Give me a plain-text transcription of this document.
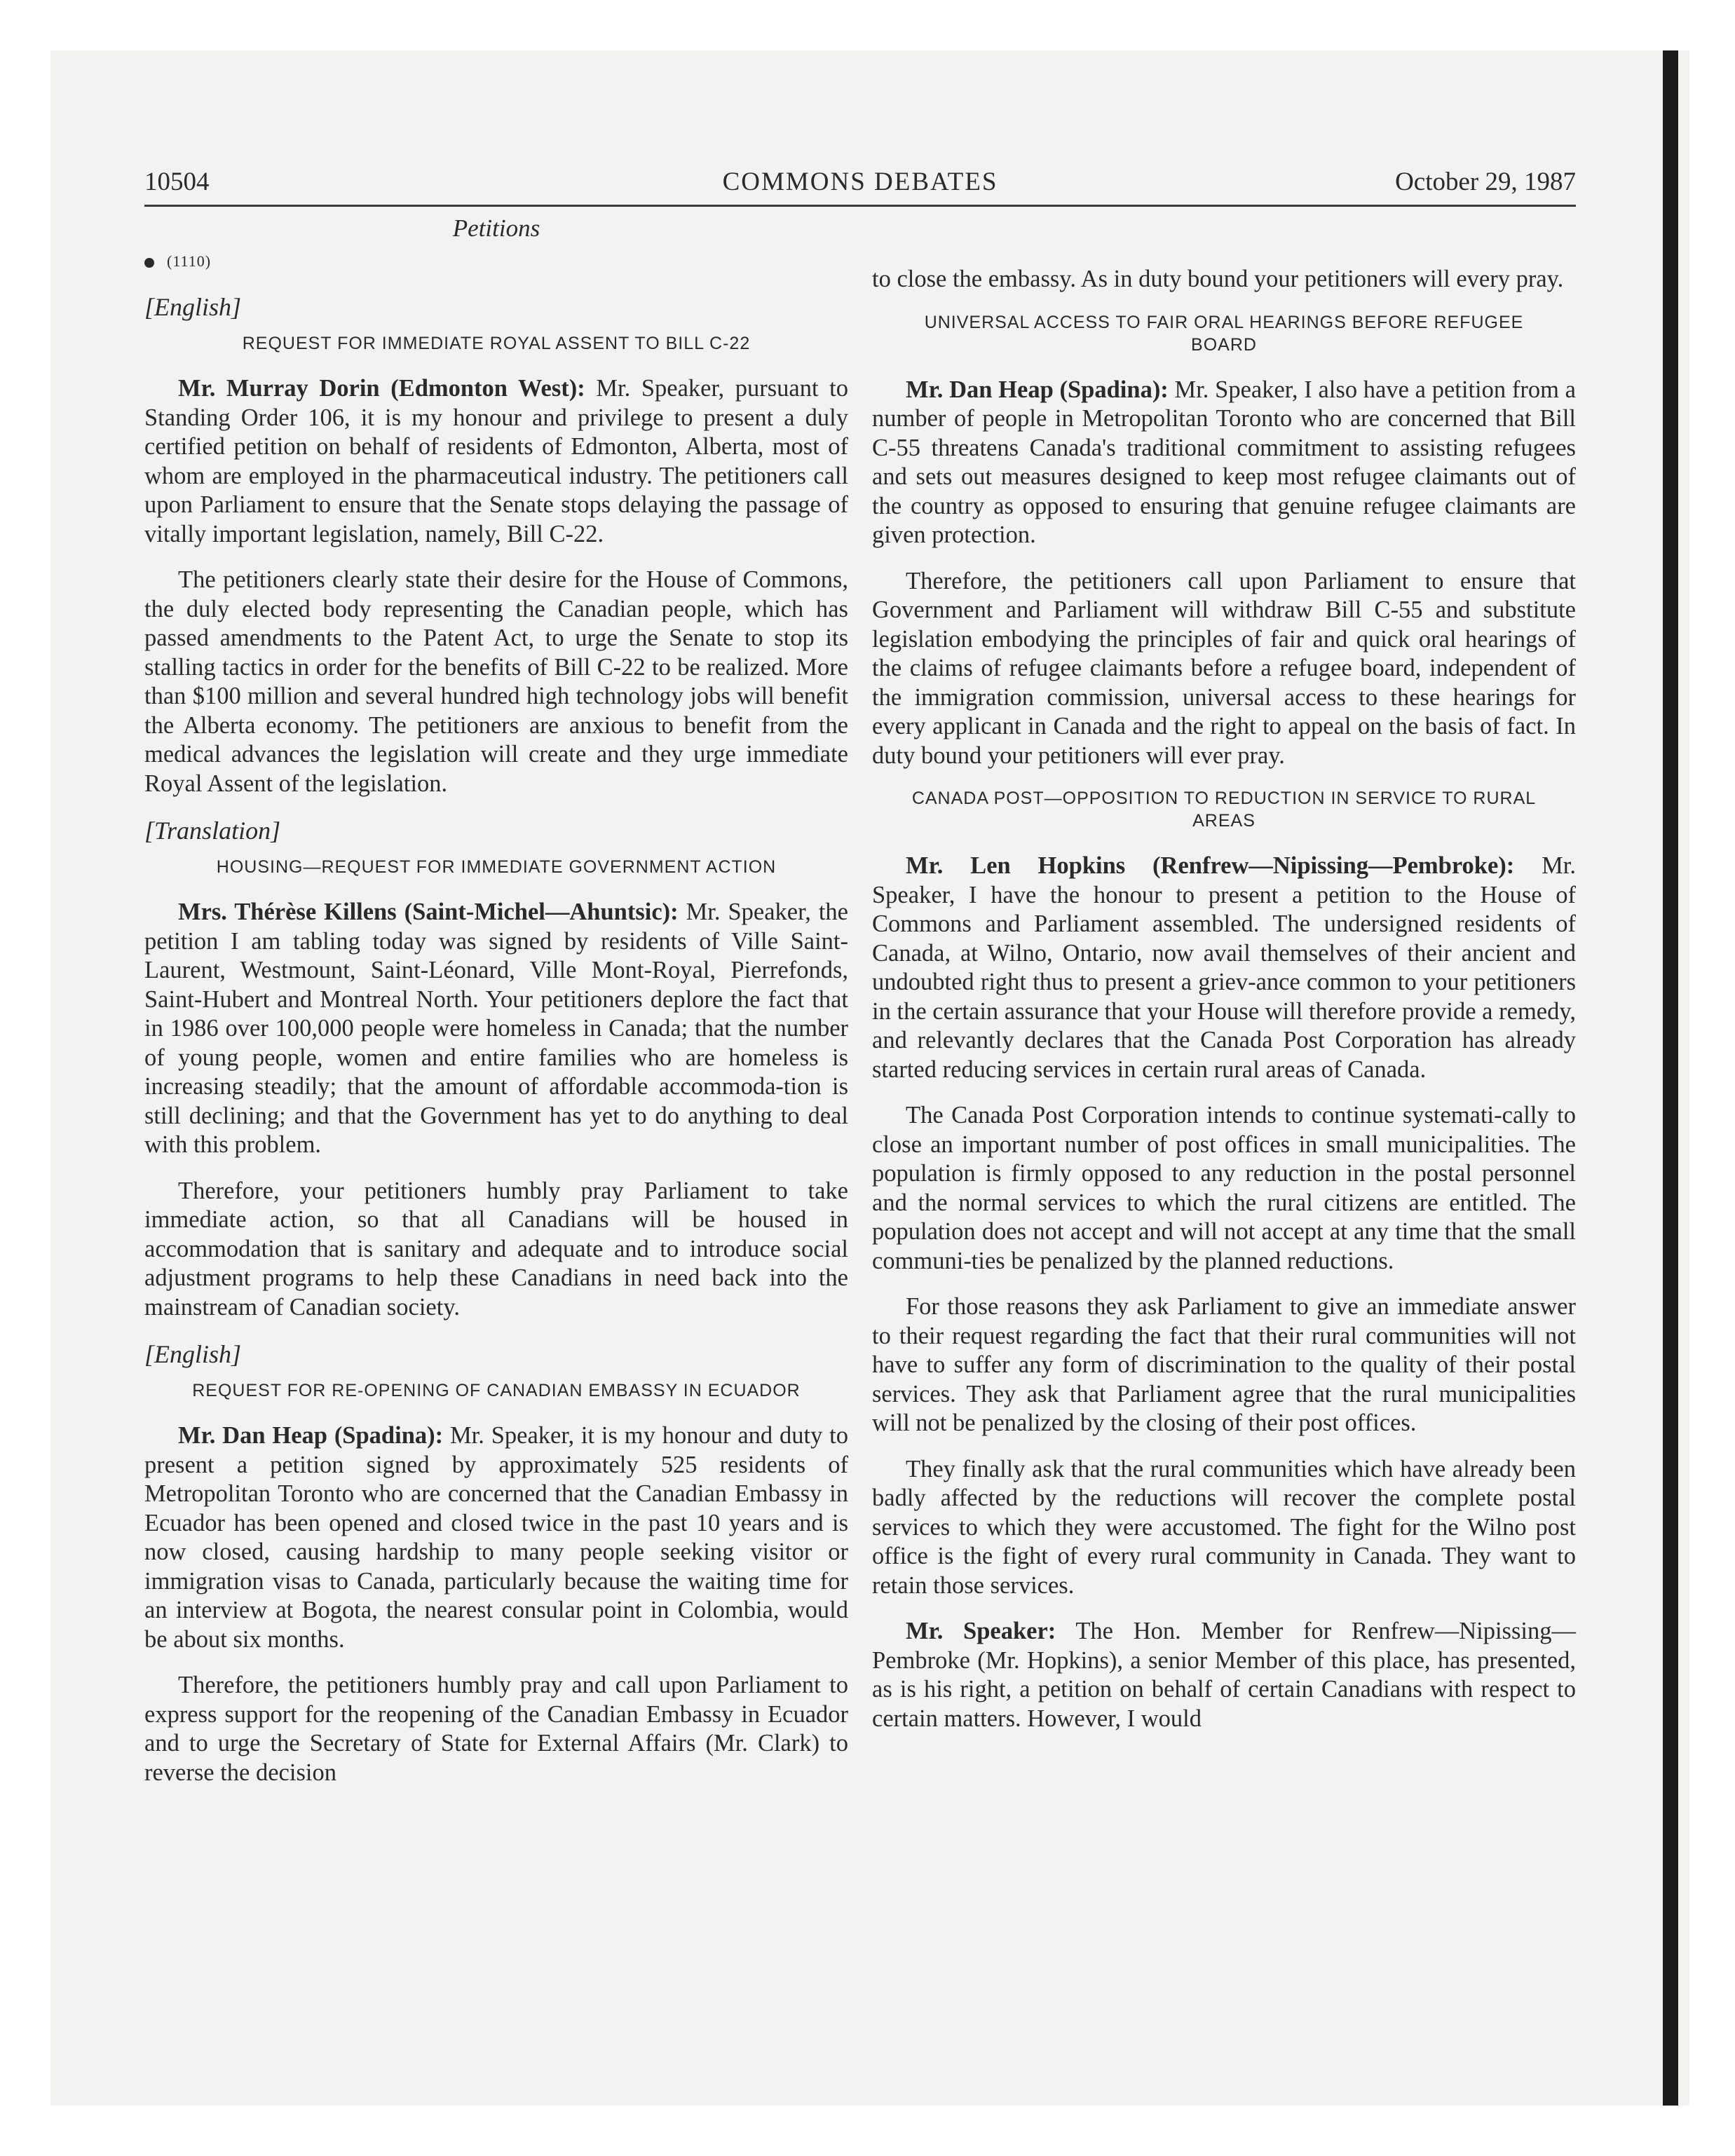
10504	COMMONS DEBATES	October 29, 1987
Petitions
(1110)
[English]
REQUEST FOR IMMEDIATE ROYAL ASSENT TO BILL C-22

Mr. Murray Dorin (Edmonton West): Mr. Speaker, pursuant to Standing Order 106, it is my honour and privilege to present a duly certified petition on behalf of residents of Edmonton, Alberta, most of whom are employed in the pharmaceutical industry. The petitioners call upon Parliament to ensure that the Senate stops delaying the passage of vitally important legislation, namely, Bill C-22.

The petitioners clearly state their desire for the House of Commons, the duly elected body representing the Canadian people, which has passed amendments to the Patent Act, to urge the Senate to stop its stalling tactics in order for the benefits of Bill C-22 to be realized. More than $100 million and several hundred high technology jobs will benefit the Alberta economy. The petitioners are anxious to benefit from the medical advances the legislation will create and they urge immediate Royal Assent of the legislation.

[Translation]
HOUSING—REQUEST FOR IMMEDIATE GOVERNMENT ACTION

Mrs. Thérèse Killens (Saint-Michel—Ahuntsic): Mr. Speaker, the petition I am tabling today was signed by residents of Ville Saint-Laurent, Westmount, Saint-Léonard, Ville Mont-Royal, Pierrefonds, Saint-Hubert and Montreal North. Your petitioners deplore the fact that in 1986 over 100,000 people were homeless in Canada; that the number of young people, women and entire families who are homeless is increasing steadily; that the amount of affordable accommoda-tion is still declining; and that the Government has yet to do anything to deal with this problem.

Therefore, your petitioners humbly pray Parliament to take immediate action, so that all Canadians will be housed in accommodation that is sanitary and adequate and to introduce social adjustment programs to help these Canadians in need back into the mainstream of Canadian society.

[English]
REQUEST FOR RE-OPENING OF CANADIAN EMBASSY IN ECUADOR

Mr. Dan Heap (Spadina): Mr. Speaker, it is my honour and duty to present a petition signed by approximately 525 residents of Metropolitan Toronto who are concerned that the Canadian Embassy in Ecuador has been opened and closed twice in the past 10 years and is now closed, causing hardship to many people seeking visitor or immigration visas to Canada, particularly because the waiting time for an interview at Bogota, the nearest consular point in Colombia, would be about six months.

Therefore, the petitioners humbly pray and call upon Parliament to express support for the reopening of the Canadian Embassy in Ecuador and to urge the Secretary of State for External Affairs (Mr. Clark) to reverse the decision

to close the embassy. As in duty bound your petitioners will every pray.

UNIVERSAL ACCESS TO FAIR ORAL HEARINGS BEFORE REFUGEE BOARD

Mr. Dan Heap (Spadina): Mr. Speaker, I also have a petition from a number of people in Metropolitan Toronto who are concerned that Bill C-55 threatens Canada's traditional commitment to assisting refugees and sets out measures designed to keep most refugee claimants out of the country as opposed to ensuring that genuine refugee claimants are given protection.

Therefore, the petitioners call upon Parliament to ensure that Government and Parliament will withdraw Bill C-55 and substitute legislation embodying the principles of fair and quick oral hearings of the claims of refugee claimants before a refugee board, independent of the immigration commission, universal access to these hearings for every applicant in Canada and the right to appeal on the basis of fact. In duty bound your petitioners will ever pray.

CANADA POST—OPPOSITION TO REDUCTION IN SERVICE TO RURAL AREAS

Mr. Len Hopkins (Renfrew—Nipissing—Pembroke): Mr. Speaker, I have the honour to present a petition to the House of Commons and Parliament assembled. The undersigned residents of Canada, at Wilno, Ontario, now avail themselves of their ancient and undoubted right thus to present a griev-ance common to your petitioners in the certain assurance that your House will therefore provide a remedy, and relevantly declares that the Canada Post Corporation has already started reducing services in certain rural areas of Canada.

The Canada Post Corporation intends to continue systemati-cally to close an important number of post offices in small municipalities. The population is firmly opposed to any reduction in the postal personnel and the normal services to which the rural citizens are entitled. The population does not accept and will not accept at any time that the small communi-ties be penalized by the planned reductions.

For those reasons they ask Parliament to give an immediate answer to their request regarding the fact that their rural communities will not have to suffer any form of discrimination to the quality of their postal services. They ask that Parliament agree that the rural municipalities will not be penalized by the closing of their post offices.

They finally ask that the rural communities which have already been badly affected by the reductions will recover the complete postal services to which they were accustomed. The fight for the Wilno post office is the fight of every rural community in Canada. They want to retain those services.

Mr. Speaker: The Hon. Member for Renfrew—Nipissing—Pembroke (Mr. Hopkins), a senior Member of this place, has presented, as is his right, a petition on behalf of certain Canadians with respect to certain matters. However, I would
